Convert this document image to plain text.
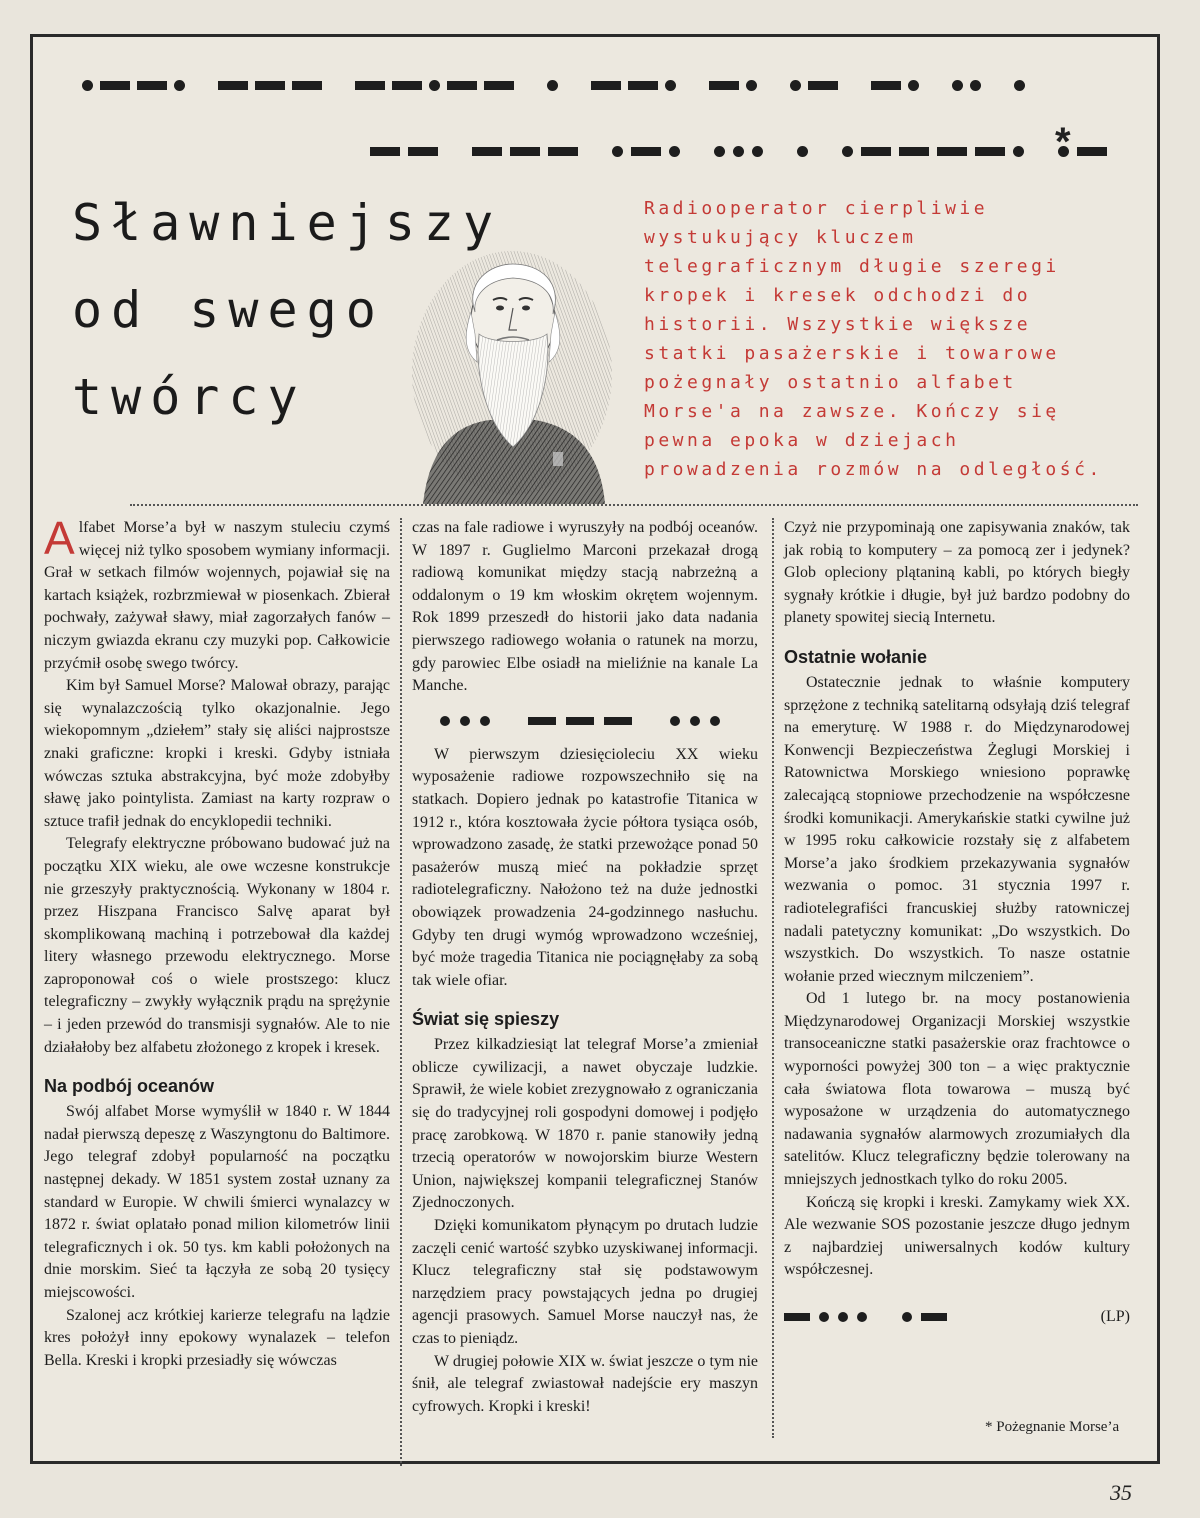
*
Sławniejszy
od swego
twórcy
Radiooperator cierpliwie
wystukujący kluczem
telegraficznym długie szeregi
kropek i kresek odchodzi do
historii. Wszystkie większe
statki pasażerskie i towarowe
pożegnały ostatnio alfabet
Morse'a na zawsze. Kończy się
pewna epoka w dziejach
prowadzenia rozmów na odległość.

Alfabet Morse’a był w naszym stuleciu czymś więcej niż tylko sposobem wymiany informacji. Grał w setkach filmów wojennych, pojawiał się na kartach książek, rozbrzmiewał w piosenkach. Zbierał pochwały, zażywał sławy, miał zagorzałych fanów – niczym gwiazda ekranu czy muzyki pop. Całkowicie przyćmił osobę swego twórcy.

Kim był Samuel Morse? Malował obrazy, parając się wynalazczością tylko okazjonalnie. Jego wiekopomnym „dziełem” stały się aliści najprostsze znaki graficzne: kropki i kreski. Gdyby istniała wówczas sztuka abstrakcyjna, być może zdobyłby sławę jako pointylista. Zamiast na karty rozpraw o sztuce trafił jednak do encyklopedii techniki.

Telegrafy elektryczne próbowano budować już na początku XIX wieku, ale owe wczesne konstrukcje nie grzeszyły praktycznością. Wykonany w 1804 r. przez Hiszpana Francisco Salvę aparat był skomplikowaną machiną i potrzebował dla każdej litery własnego przewodu elektrycznego. Morse zaproponował coś o wiele prostszego: klucz telegraficzny – zwykły wyłącznik prądu na sprężynie – i jeden przewód do transmisji sygnałów. Ale to nie działałoby bez alfabetu złożonego z kropek i kresek.

Na podbój oceanów

Swój alfabet Morse wymyślił w 1840 r. W 1844 nadał pierwszą depeszę z Waszyngtonu do Baltimore. Jego telegraf zdobył popularność na początku następnej dekady. W 1851 system został uznany za standard w Europie. W chwili śmierci wynalazcy w 1872 r. świat oplatało ponad milion kilometrów linii telegraficznych i ok. 50 tys. km kabli położonych na dnie morskim. Sieć ta łączyła ze sobą 20 tysięcy miejscowości.

Szalonej acz krótkiej karierze telegrafu na lądzie kres położył inny epokowy wynalazek – telefon Bella. Kreski i kropki przesiadły się wówczas

czas na fale radiowe i wyruszyły na podbój oceanów. W 1897 r. Guglielmo Marconi przekazał drogą radiową komunikat między stacją nabrzeżną a oddalonym o 19 km włoskim okrętem wojennym. Rok 1899 przeszedł do historii jako data nadania pierwszego radiowego wołania o ratunek na morzu, gdy parowiec Elbe osiadł na mieliźnie na kanale La Manche.

W pierwszym dziesięcioleciu XX wieku wyposażenie radiowe rozpowszechniło się na statkach. Dopiero jednak po katastrofie Titanica w 1912 r., która kosztowała życie półtora tysiąca osób, wprowadzono zasadę, że statki przewożące ponad 50 pasażerów muszą mieć na pokładzie sprzęt radiotelegraficzny. Nałożono też na duże jednostki obowiązek prowadzenia 24-godzinnego nasłuchu. Gdyby ten drugi wymóg wprowadzono wcześniej, być może tragedia Titanica nie pociągnęłaby za sobą tak wiele ofiar.

Świat się spieszy

Przez kilkadziesiąt lat telegraf Morse’a zmieniał oblicze cywilizacji, a nawet obyczaje ludzkie. Sprawił, że wiele kobiet zrezygnowało z ograniczania się do tradycyjnej roli gospodyni domowej i podjęło pracę zarobkową. W 1870 r. panie stanowiły jedną trzecią operatorów w nowojorskim biurze Western Union, największej kompanii telegraficznej Stanów Zjednoczonych.

Dzięki komunikatom płynącym po drutach ludzie zaczęli cenić wartość szybko uzyskiwanej informacji. Klucz telegraficzny stał się podstawowym narzędziem pracy powstających jedna po drugiej agencji prasowych. Samuel Morse nauczył nas, że czas to pieniądz.

W drugiej połowie XIX w. świat jeszcze o tym nie śnił, ale telegraf zwiastował nadejście ery maszyn cyfrowych. Kropki i kreski!

Czyż nie przypominają one zapisywania znaków, tak jak robią to komputery – za pomocą zer i jedynek? Glob opleciony plątaniną kabli, po których biegły sygnały krótkie i długie, był już bardzo podobny do planety spowitej siecią Internetu.

Ostatnie wołanie

Ostatecznie jednak to właśnie komputery sprzężone z techniką satelitarną odsyłają dziś telegraf na emeryturę. W 1988 r. do Międzynarodowej Konwencji Bezpieczeństwa Żeglugi Morskiej i Ratownictwa Morskiego wniesiono poprawkę zalecającą stopniowe przechodzenie na współczesne środki komunikacji. Amerykańskie statki cywilne już w 1995 roku całkowicie rozstały się z alfabetem Morse’a jako środkiem przekazywania sygnałów wezwania o pomoc. 31 stycznia 1997 r. radiotelegrafiści francuskiej służby ratowniczej nadali patetyczny komunikat: „Do wszystkich. Do wszystkich. Do wszystkich. To nasze ostatnie wołanie przed wiecznym milczeniem”.

Od 1 lutego br. na mocy postanowienia Międzynarodowej Organizacji Morskiej wszystkie transoceaniczne statki pasażerskie oraz frachtowce o wyporności powyżej 300 ton – a więc praktycznie cała światowa flota towarowa – muszą być wyposażone w urządzenia do automatycznego nadawania sygnałów alarmowych zrozumiałych dla satelitów. Klucz telegraficzny będzie tolerowany na mniejszych jednostkach tylko do roku 2005.

Kończą się kropki i kreski. Zamykamy wiek XX. Ale wezwanie SOS pozostanie jeszcze długo jednym z najbardziej uniwersalnych kodów kultury współczesnej.

(LP)
* Pożegnanie Morse’a
35
